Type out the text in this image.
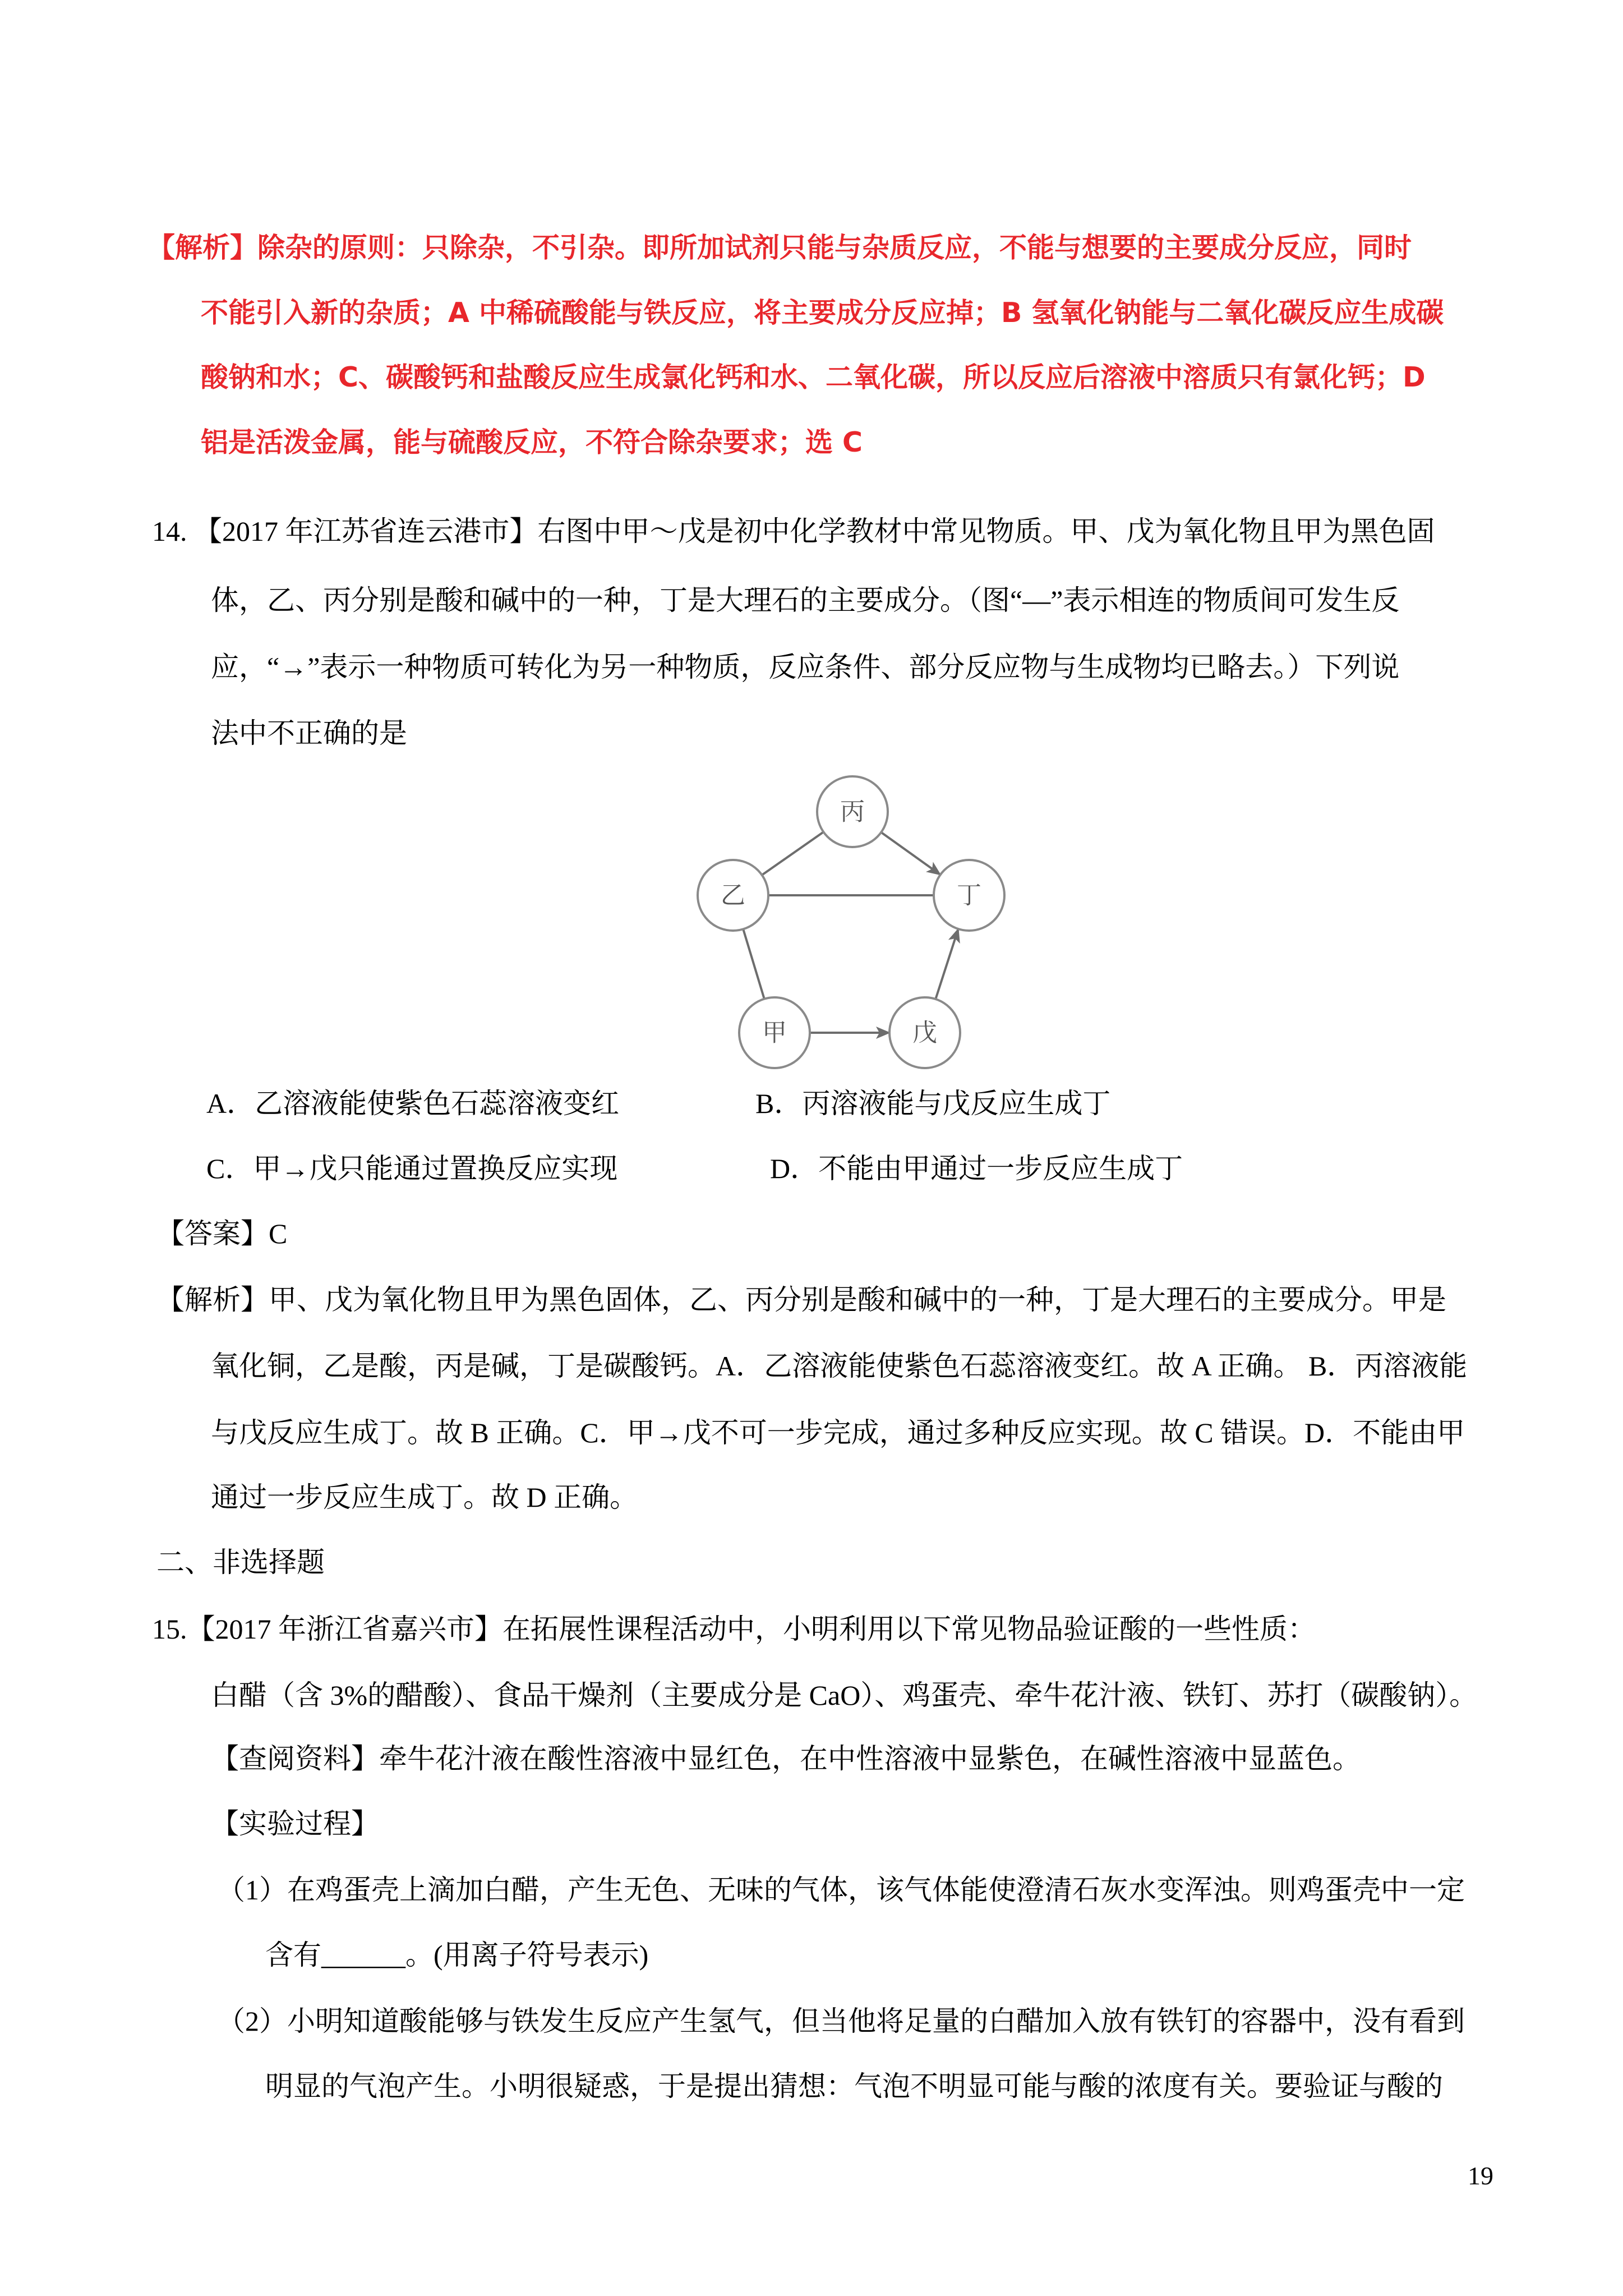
【解析】除杂的原则：只除杂，不引杂。即所加试剂只能与杂质反应，不能与想要的主要成分反应，同时
不能引入新的杂质；A 中稀硫酸能与铁反应，将主要成分反应掉；B 氢氧化钠能与二氧化碳反应生成碳
酸钠和水；C、碳酸钙和盐酸反应生成氯化钙和水、二氧化碳，所以反应后溶液中溶质只有氯化钙；D
铝是活泼金属，能与硫酸反应，不符合除杂要求；选 C
14. 【2017 年江苏省连云港市】右图中甲～戊是初中化学教材中常见物质。甲、戊为氧化物且甲为黑色固
体，乙、丙分别是酸和碱中的一种，丁是大理石的主要成分。（图“—”表示相连的物质间可发生反
应，“→”表示一种物质可转化为另一种物质，反应条件、部分反应物与生成物均已略去。）下列说
法中不正确的是
丙
乙	丁
甲	戊
A．乙溶液能使紫色石蕊溶液变红	B．丙溶液能与戊反应生成丁
C．甲→戊只能通过置换反应实现	D．不能由甲通过一步反应生成丁
【答案】C
【解析】甲、戊为氧化物且甲为黑色固体，乙、丙分别是酸和碱中的一种，丁是大理石的主要成分。甲是
氧化铜，乙是酸，丙是碱，丁是碳酸钙。A．乙溶液能使紫色石蕊溶液变红。故 A 正确。 B．丙溶液能
与戊反应生成丁。故 B 正确。C．甲→戊不可一步完成，通过多种反应实现。故 C 错误。D．不能由甲
通过一步反应生成丁。故 D 正确。
二、非选择题
15.【2017 年浙江省嘉兴市】在拓展性课程活动中，小明利用以下常见物品验证酸的一些性质：
白醋（含 3%的醋酸）、食品干燥剂（主要成分是 CaO）、鸡蛋壳、牵牛花汁液、铁钉、苏打（碳酸钠）。
【查阅资料】牵牛花汁液在酸性溶液中显红色，在中性溶液中显紫色，在碱性溶液中显蓝色。
【实验过程】
（1）在鸡蛋壳上滴加白醋，产生无色、无味的气体，该气体能使澄清石灰水变浑浊。则鸡蛋壳中一定
含有______。(用离子符号表示)
（2）小明知道酸能够与铁发生反应产生氢气，但当他将足量的白醋加入放有铁钉的容器中，没有看到
明显的气泡产生。小明很疑惑，于是提出猜想：气泡不明显可能与酸的浓度有关。要验证与酸的
19
